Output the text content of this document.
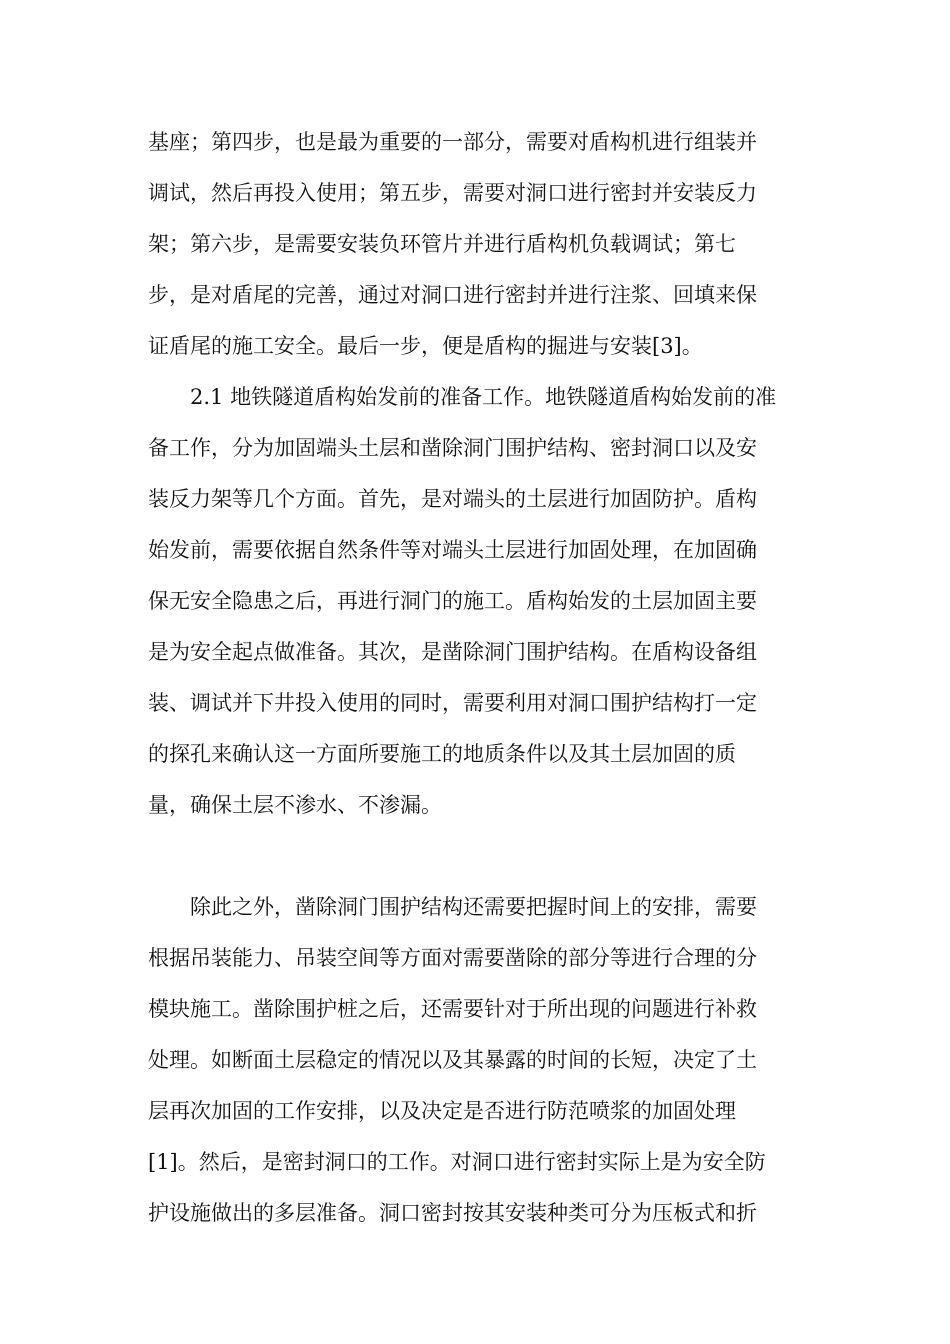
基座；第四步，也是最为重要的一部分，需要对盾构机进行组装并
调试，然后再投入使用；第五步，需要对洞口进行密封并安装反力
架；第六步，是需要安装负环管片并进行盾构机负载调试；第七
步，是对盾尾的完善，通过对洞口进行密封并进行注浆、回填来保
证盾尾的施工安全。最后一步，便是盾构的掘进与安装[3]。
2.1 地铁隧道盾构始发前的准备工作。地铁隧道盾构始发前的准
备工作，分为加固端头土层和凿除洞门围护结构、密封洞口以及安
装反力架等几个方面。首先，是对端头的土层进行加固防护。盾构
始发前，需要依据自然条件等对端头土层进行加固处理，在加固确
保无安全隐患之后，再进行洞门的施工。盾构始发的土层加固主要
是为安全起点做准备。其次，是凿除洞门围护结构。在盾构设备组
装、调试并下井投入使用的同时，需要利用对洞口围护结构打一定
的探孔来确认这一方面所要施工的地质条件以及其土层加固的质
量，确保土层不渗水、不渗漏。
除此之外，凿除洞门围护结构还需要把握时间上的安排，需要
根据吊装能力、吊装空间等方面对需要凿除的部分等进行合理的分
模块施工。凿除围护桩之后，还需要针对于所出现的问题进行补救
处理。如断面土层稳定的情况以及其暴露的时间的长短，决定了土
层再次加固的工作安排，以及决定是否进行防范喷浆的加固处理
[1]。然后，是密封洞口的工作。对洞口进行密封实际上是为安全防
护设施做出的多层准备。洞口密封按其安装种类可分为压板式和折
